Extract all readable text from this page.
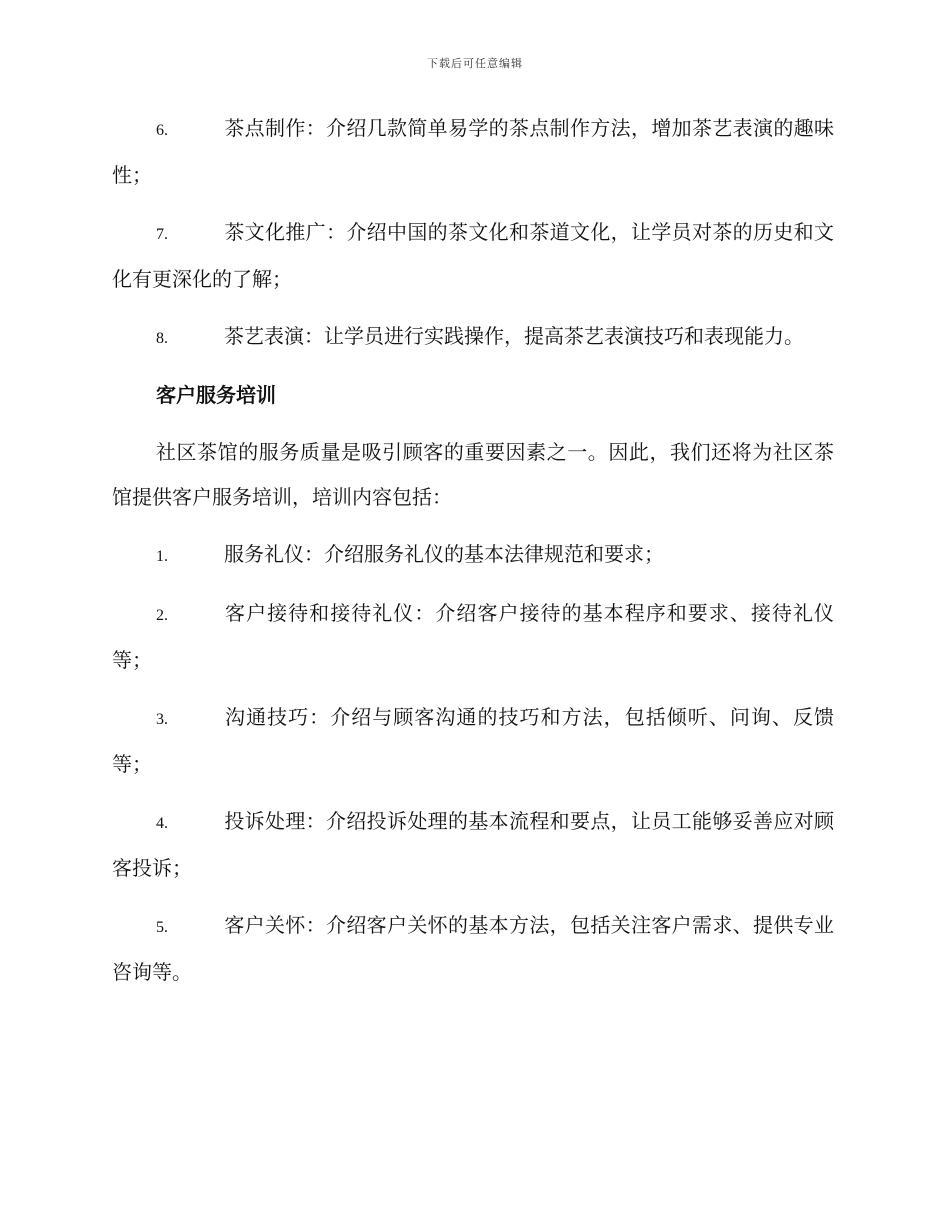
下载后可任意编辑

6.	茶点制作：介绍几款简单易学的茶点制作方法，增加茶艺表演的趣味性；

7.	茶文化推广：介绍中国的茶文化和茶道文化，让学员对茶的历史和文化有更深化的了解；

8.	茶艺表演：让学员进行实践操作，提高茶艺表演技巧和表现能力。

客户服务培训

社区茶馆的服务质量是吸引顾客的重要因素之一。因此，我们还将为社区茶馆提供客户服务培训，培训内容包括：

1.	服务礼仪：介绍服务礼仪的基本法律规范和要求；

2.	客户接待和接待礼仪：介绍客户接待的基本程序和要求、接待礼仪等；

3.	沟通技巧：介绍与顾客沟通的技巧和方法，包括倾听、问询、反馈等；

4.	投诉处理：介绍投诉处理的基本流程和要点，让员工能够妥善应对顾客投诉；

5.	客户关怀：介绍客户关怀的基本方法，包括关注客户需求、提供专业咨询等。
